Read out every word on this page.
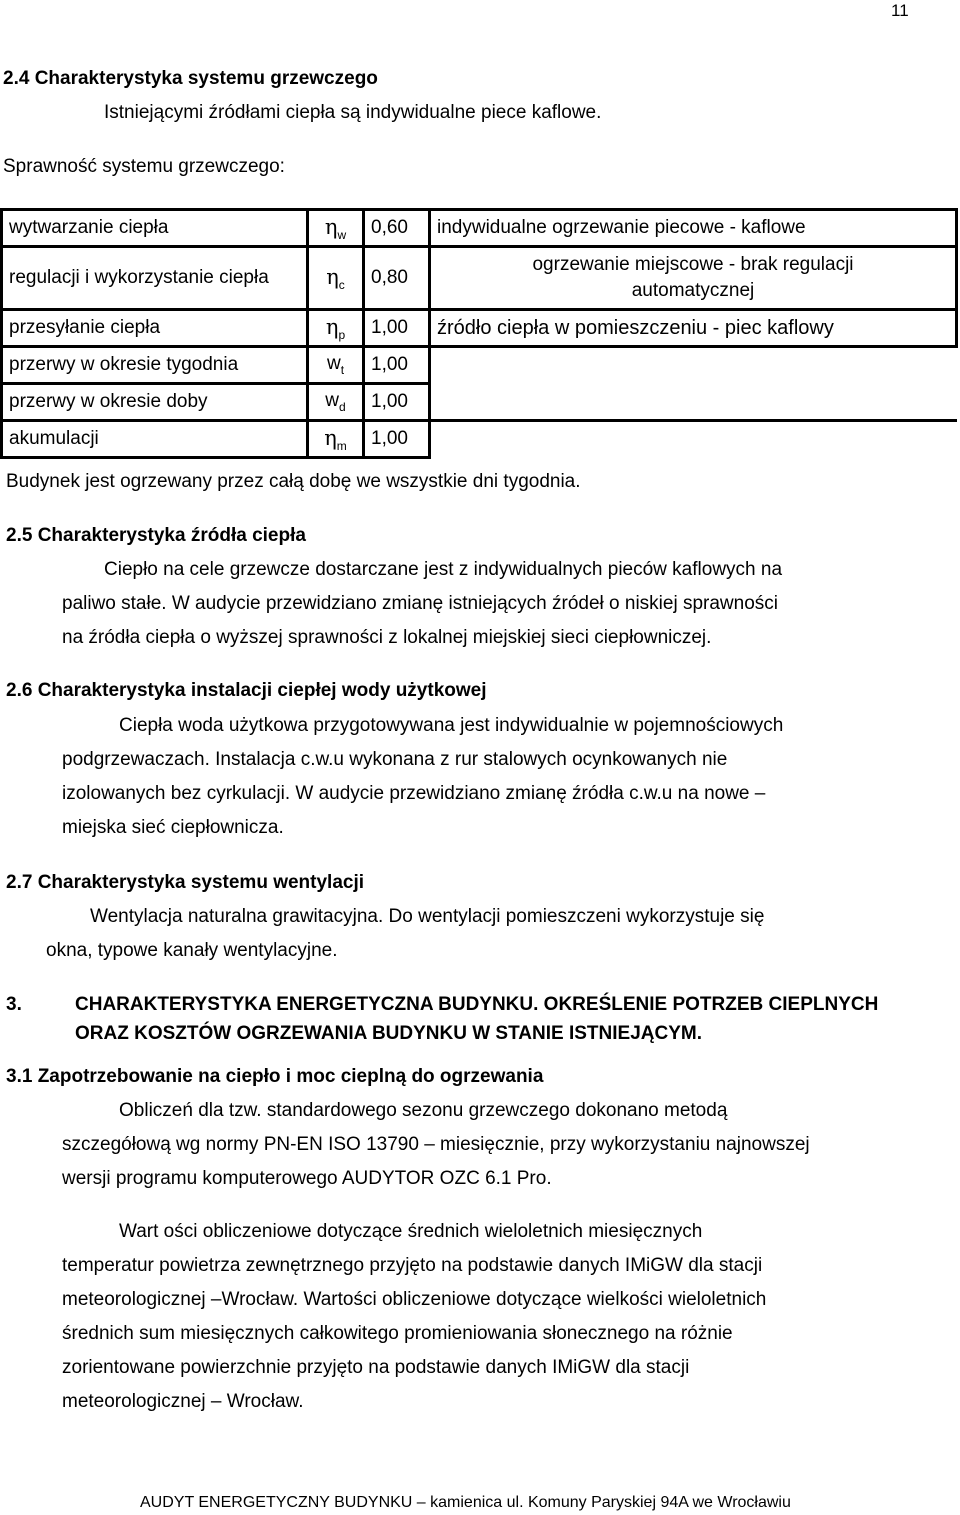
11
2.4 Charakterystyka systemu grzewczego
Istniejącymi źródłami ciepła są indywidualne piece kaflowe.
Sprawność systemu grzewczego:
wytwarzanie ciepła	$\eta_w$	0,60	indywidualne ogrzewanie piecowe - kaflowe
regulacji i wykorzystanie ciepła	$\eta_c$	0,80	ogrzewanie miejscowe - brak regulacji automatycznej
przesyłanie ciepła	$\eta_p$	1,00	źródło ciepła w pomieszczeniu - piec kaflowy
przerwy w okresie tygodnia	$w_t$	1,00	
przerwy w okresie doby	$w_d$	1,00	
akumulacji	$\eta_m$	1,00	
Budynek jest ogrzewany przez całą dobę we wszystkie dni tygodnia.
2.5 Charakterystyka źródła ciepła
Ciepło na cele grzewcze dostarczane jest z indywidualnych pieców kaflowych na
paliwo stałe. W audycie przewidziano zmianę istniejących źródeł o niskiej sprawności
na źródła ciepła o wyższej sprawności z lokalnej miejskiej sieci ciepłowniczej.
2.6 Charakterystyka instalacji ciepłej wody użytkowej
Ciepła woda użytkowa przygotowywana jest indywidualnie w pojemnościowych
podgrzewaczach. Instalacja c.w.u wykonana z rur stalowych ocynkowanych nie
izolowanych bez cyrkulacji. W audycie przewidziano zmianę źródła c.w.u na nowe –
miejska sieć ciepłownicza.
2.7 Charakterystyka systemu wentylacji
Wentylacja naturalna grawitacyjna. Do wentylacji pomieszczeni wykorzystuje się
okna, typowe kanały wentylacyjne.
3.	CHARAKTERYSTYKA ENERGETYCZNA BUDYNKU. OKREŚLENIE POTRZEB CIEPLNYCH
ORAZ KOSZTÓW OGRZEWANIA BUDYNKU W STANIE ISTNIEJĄCYM.
3.1 Zapotrzebowanie na ciepło i moc cieplną do ogrzewania
Obliczeń dla tzw. standardowego sezonu grzewczego dokonano metodą
szczegółową wg normy PN-EN ISO 13790 – miesięcznie, przy wykorzystaniu najnowszej
wersji programu komputerowego AUDYTOR OZC 6.1 Pro.
Wart ości obliczeniowe dotyczące średnich wieloletnich miesięcznych
temperatur powietrza zewnętrznego przyjęto na podstawie danych IMiGW dla stacji
meteorologicznej –Wrocław. Wartości obliczeniowe dotyczące wielkości wieloletnich
średnich sum miesięcznych całkowitego promieniowania słonecznego na różnie
zorientowane powierzchnie przyjęto na podstawie danych IMiGW dla stacji
meteorologicznej – Wrocław.
AUDYT ENERGETYCZNY BUDYNKU – kamienica ul. Komuny Paryskiej 94A we Wrocławiu
